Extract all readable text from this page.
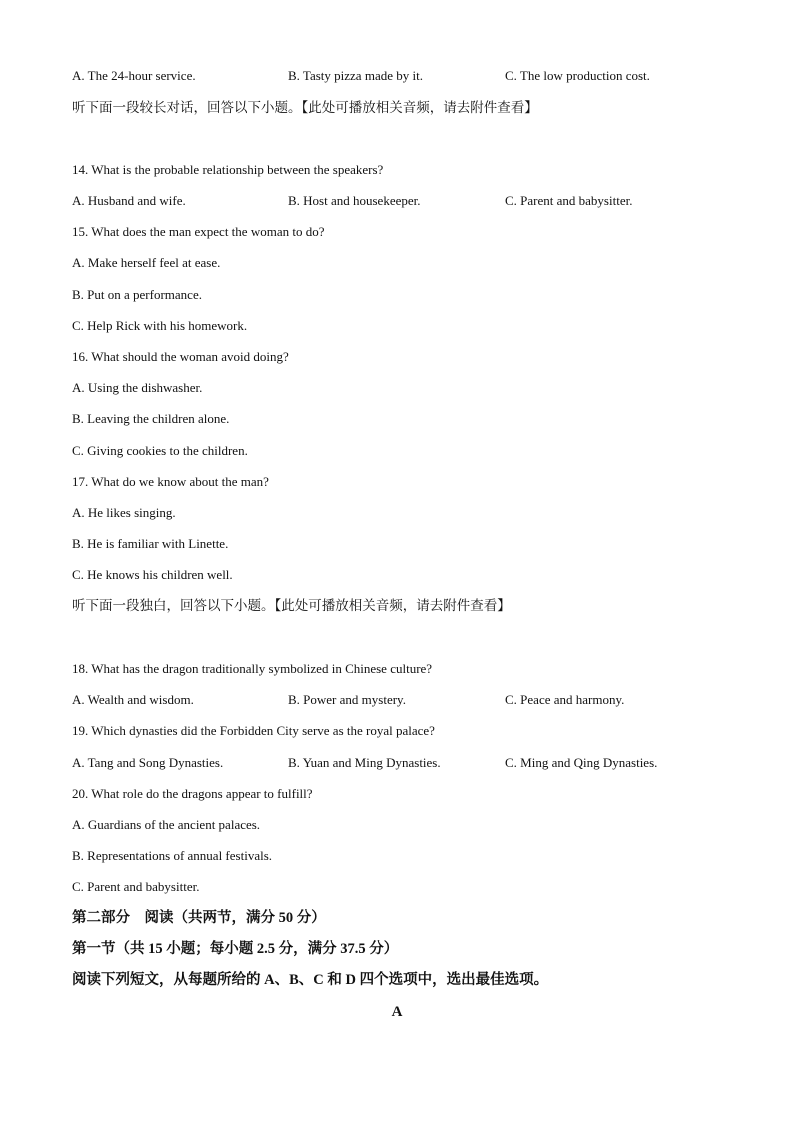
A. The 24-hour service.	B. Tasty pizza made by it.	C. The low production cost.
听下面一段较长对话，回答以下小题。【此处可播放相关音频，请去附件查看】
14. What is the probable relationship between the speakers?
A. Husband and wife.	B. Host and housekeeper.	C. Parent and babysitter.
15. What does the man expect the woman to do?
A. Make herself feel at ease.
B. Put on a performance.
C. Help Rick with his homework.
16. What should the woman avoid doing?
A. Using the dishwasher.
B. Leaving the children alone.
C. Giving cookies to the children.
17. What do we know about the man?
A. He likes singing.
B. He is familiar with Linette.
C. He knows his children well.
听下面一段独白，回答以下小题。【此处可播放相关音频，请去附件查看】
18. What has the dragon traditionally symbolized in Chinese culture?
A. Wealth and wisdom.	B. Power and mystery.	C. Peace and harmony.
19. Which dynasties did the Forbidden City serve as the royal palace?
A. Tang and Song Dynasties.	B. Yuan and Ming Dynasties.	C. Ming and Qing Dynasties.
20. What role do the dragons appear to fulfill?
A. Guardians of the ancient palaces.
B. Representations of annual festivals.
C. Parent and babysitter.
第二部分　阅读（共两节，满分 50 分）
第一节（共 15 小题；每小题 2.5 分，满分 37.5 分）
阅读下列短文，从每题所给的 A、B、C 和 D 四个选项中，选出最佳选项。
A
